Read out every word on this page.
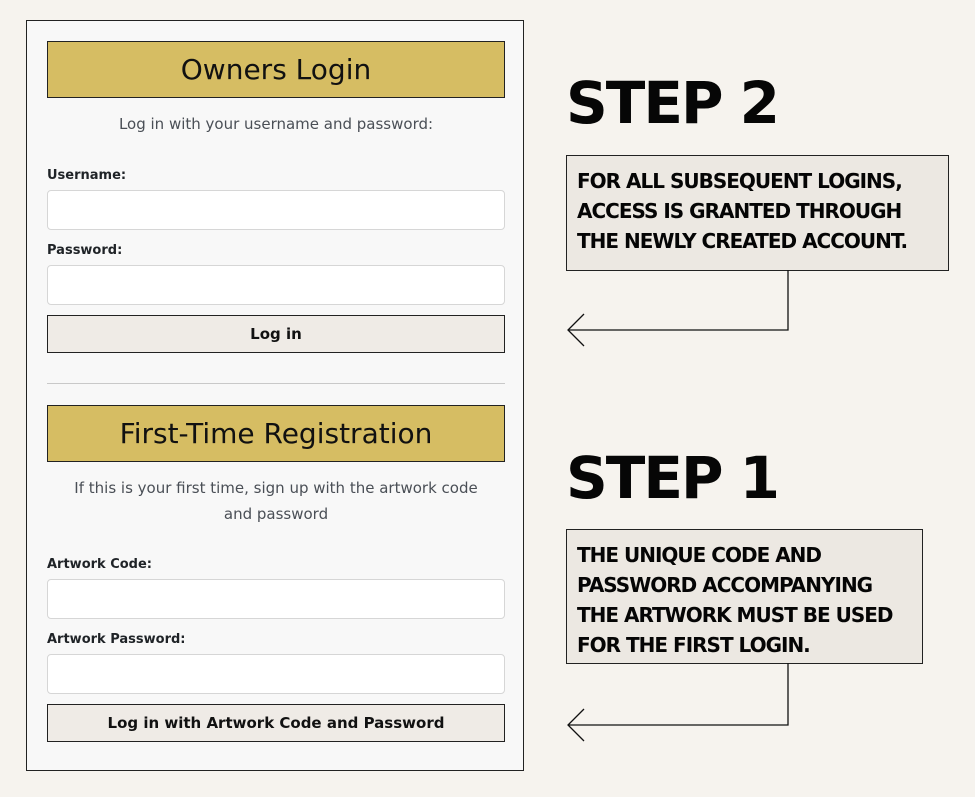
Owners Login
Log in with your username and password:
Username:
Password:
Log in
First-Time Registration
If this is your first time, sign up with the artwork code and password
Artwork Code:
Artwork Password:
Log in with Artwork Code and Password
STEP 2
FOR ALL SUBSEQUENT LOGINS, ACCESS IS GRANTED THROUGH THE NEWLY CREATED ACCOUNT.
STEP 1
THE UNIQUE CODE AND PASSWORD ACCOMPANYING THE ARTWORK MUST BE USED FOR THE FIRST LOGIN.
